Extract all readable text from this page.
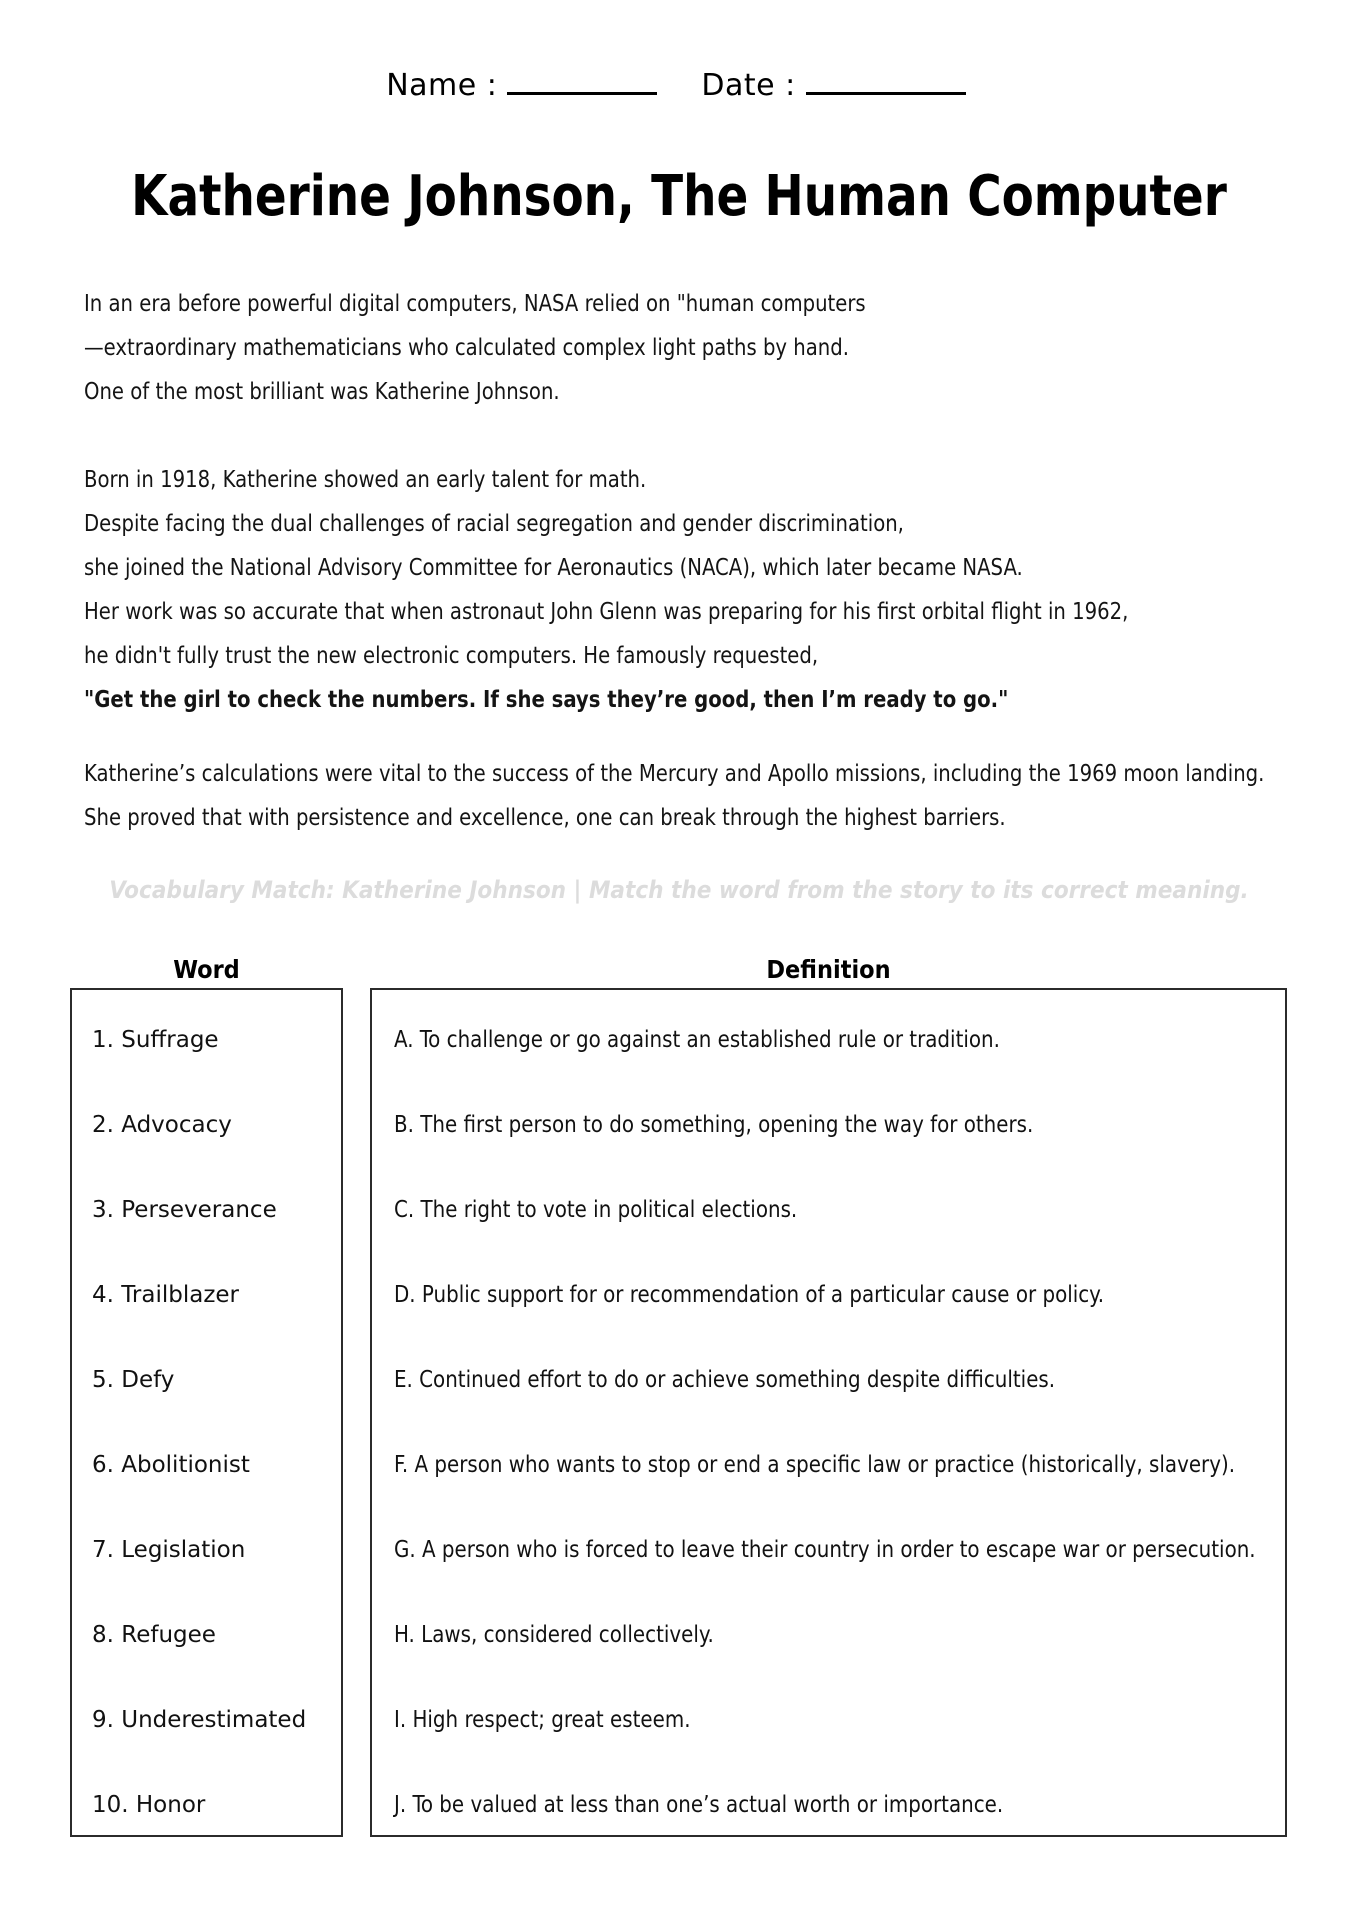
Name :	Date :
Katherine Johnson, The Human Computer
In an era before powerful digital computers, NASA relied on "human computers
—extraordinary mathematicians who calculated complex light paths by hand.
One of the most brilliant was Katherine Johnson.
Born in 1918, Katherine showed an early talent for math.
Despite facing the dual challenges of racial segregation and gender discrimination,
she joined the National Advisory Committee for Aeronautics (NACA), which later became NASA.
Her work was so accurate that when astronaut John Glenn was preparing for his first orbital flight in 1962,
he didn't fully trust the new electronic computers. He famously requested,
"Get the girl to check the numbers. If she says they’re good, then I’m ready to go."
Katherine’s calculations were vital to the success of the Mercury and Apollo missions, including the 1969 moon landing.
She proved that with persistence and excellence, one can break through the highest barriers.
Vocabulary Match: Katherine Johnson | Match the word from the story to its correct meaning.
Word	Definition
1. Suffrage
2. Advocacy
3. Perseverance
4. Trailblazer
5. Defy
6. Abolitionist
7. Legislation
8. Refugee
9. Underestimated
10. Honor
A. To challenge or go against an established rule or tradition.
B. The first person to do something, opening the way for others.
C. The right to vote in political elections.
D. Public support for or recommendation of a particular cause or policy.
E. Continued effort to do or achieve something despite difficulties.
F. A person who wants to stop or end a specific law or practice (historically, slavery).
G. A person who is forced to leave their country in order to escape war or persecution.
H. Laws, considered collectively.
I. High respect; great esteem.
J. To be valued at less than one’s actual worth or importance.
